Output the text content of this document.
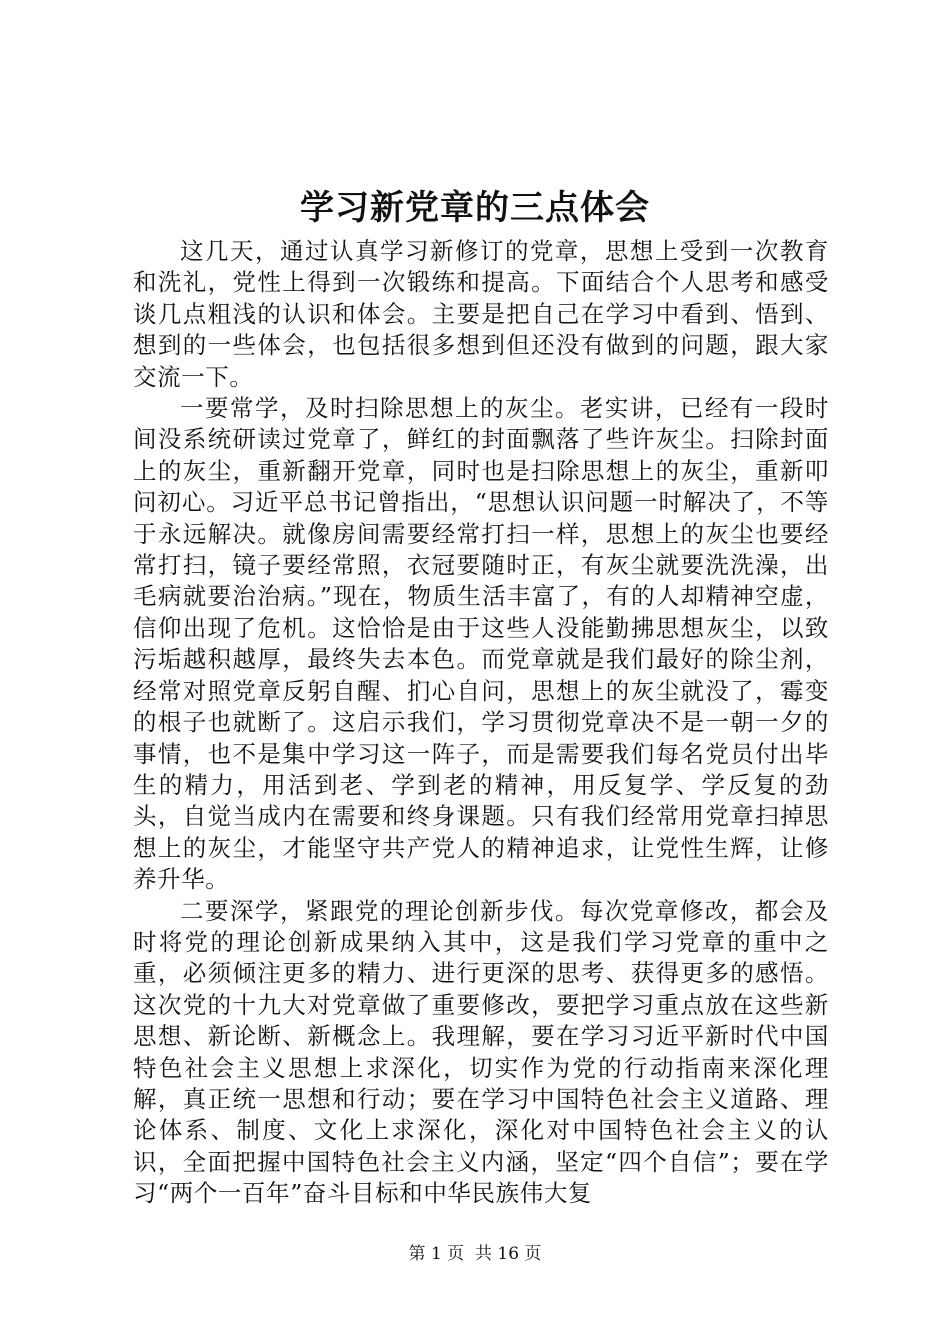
学习新党章的三点体会

这几天，通过认真学习新修订的党章，思想上受到一次教育和洗礼，党性上得到一次锻练和提高。下面结合个人思考和感受谈几点粗浅的认识和体会。主要是把自己在学习中看到、悟到、想到的一些体会，也包括很多想到但还没有做到的问题，跟大家交流一下。

一要常学，及时扫除思想上的灰尘。老实讲，已经有一段时间没系统研读过党章了，鲜红的封面飘落了些许灰尘。扫除封面上的灰尘，重新翻开党章，同时也是扫除思想上的灰尘，重新叩问初心。习近平总书记曾指出，“思想认识问题一时解决了，不等于永远解决。就像房间需要经常打扫一样，思想上的灰尘也要经常打扫，镜子要经常照，衣冠要随时正，有灰尘就要洗洗澡，出毛病就要治治病。”现在，物质生活丰富了，有的人却精神空虚，信仰出现了危机。这恰恰是由于这些人没能勤拂思想灰尘，以致污垢越积越厚，最终失去本色。而党章就是我们最好的除尘剂，经常对照党章反躬自醒、扪心自问，思想上的灰尘就没了，霉变的根子也就断了。这启示我们，学习贯彻党章决不是一朝一夕的事情，也不是集中学习这一阵子，而是需要我们每名党员付出毕生的精力，用活到老、学到老的精神，用反复学、学反复的劲头，自觉当成内在需要和终身课题。只有我们经常用党章扫掉思想上的灰尘，才能坚守共产党人的精神追求，让党性生辉，让修养升华。

二要深学，紧跟党的理论创新步伐。每次党章修改，都会及时将党的理论创新成果纳入其中，这是我们学习党章的重中之重，必须倾注更多的精力、进行更深的思考、获得更多的感悟。这次党的十九大对党章做了重要修改，要把学习重点放在这些新思想、新论断、新概念上。我理解，要在学习习近平新时代中国特色社会主义思想上求深化，切实作为党的行动指南来深化理解，真正统一思想和行动；要在学习中国特色社会主义道路、理论体系、制度、文化上求深化，深化对中国特色社会主义的认识，全面把握中国特色社会主义内涵，坚定“四个自信”；要在学习“两个一百年”奋斗目标和中华民族伟大复

第 1 页 共 16 页
